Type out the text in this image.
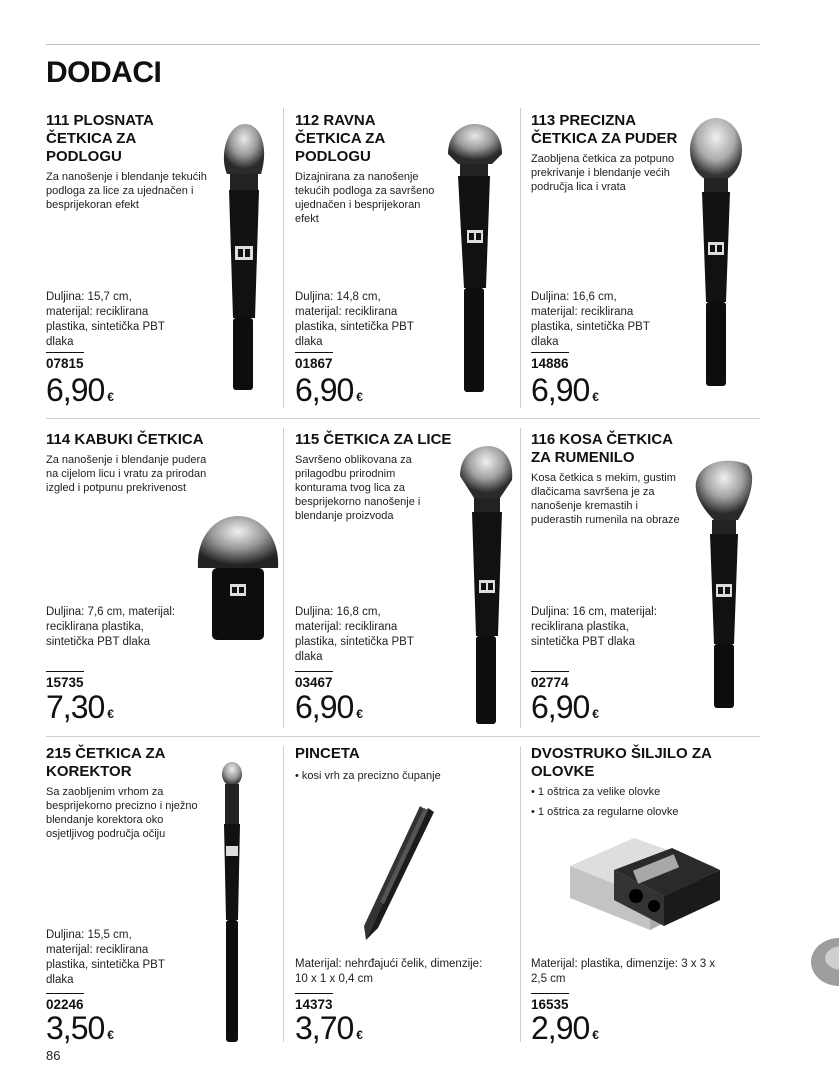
DODACI
111 PLOSNATA ČETKICA ZA PODLOGU
Za nanošenje i blendanje tekućih podloga za lice za ujednačen i besprijekoran efekt
Duljina: 15,7 cm, materijal: reciklirana plastika, sintetička PBT dlaka
07815
6,90 €
112 RAVNA ČETKICA ZA PODLOGU
Dizajnirana za nanošenje tekućih podloga za savršeno ujednačen i besprijekoran efekt
Duljina: 14,8 cm, materijal: reciklirana plastika, sintetička PBT dlaka
01867
6,90 €
113 PRECIZNA ČETKICA ZA PUDER
Zaobljena četkica za potpuno prekrivanje i blendanje većih područja lica i vrata
Duljina: 16,6 cm, materijal: reciklirana plastika, sintetička PBT dlaka
14886
6,90 €
114 KABUKI ČETKICA
Za nanošenje i blendanje pudera na cijelom licu i vratu za prirodan izgled i potpunu prekrivenost
Duljina: 7,6 cm, materijal: reciklirana plastika, sintetička PBT dlaka
15735
7,30 €
115 ČETKICA ZA LICE
Savršeno oblikovana za prilagodbu prirodnim konturama tvog lica za besprijekorno nanošenje i blendanje proizvoda
Duljina: 16,8 cm, materijal: reciklirana plastika, sintetička PBT dlaka
03467
6,90 €
116 KOSA ČETKICA ZA RUMENILO
Kosa četkica s mekim, gustim dlačicama savršena je za nanošenje kremastih i puderastih rumenila na obraze
Duljina: 16 cm, materijal: reciklirana plastika, sintetička PBT dlaka
02774
6,90 €
215 ČETKICA ZA KOREKTOR
Sa zaobljenim vrhom za besprijekorno precizno i nježno blendanje korektora oko osjetljivog područja očiju
Duljina: 15,5 cm, materijal: reciklirana plastika, sintetička PBT dlaka
02246
3,50 €
PINCETA
• kosi vrh za precizno čupanje
Materijal: nehrđajući čelik, dimenzije: 10 x 1 x 0,4 cm
14373
3,70 €
DVOSTRUKO ŠILJILO ZA OLOVKE
• 1 oštrica za velike olovke
• 1 oštrica za regularne olovke
Materijal: plastika, dimenzije: 3 x 3 x 2,5 cm
16535
2,90 €
86
